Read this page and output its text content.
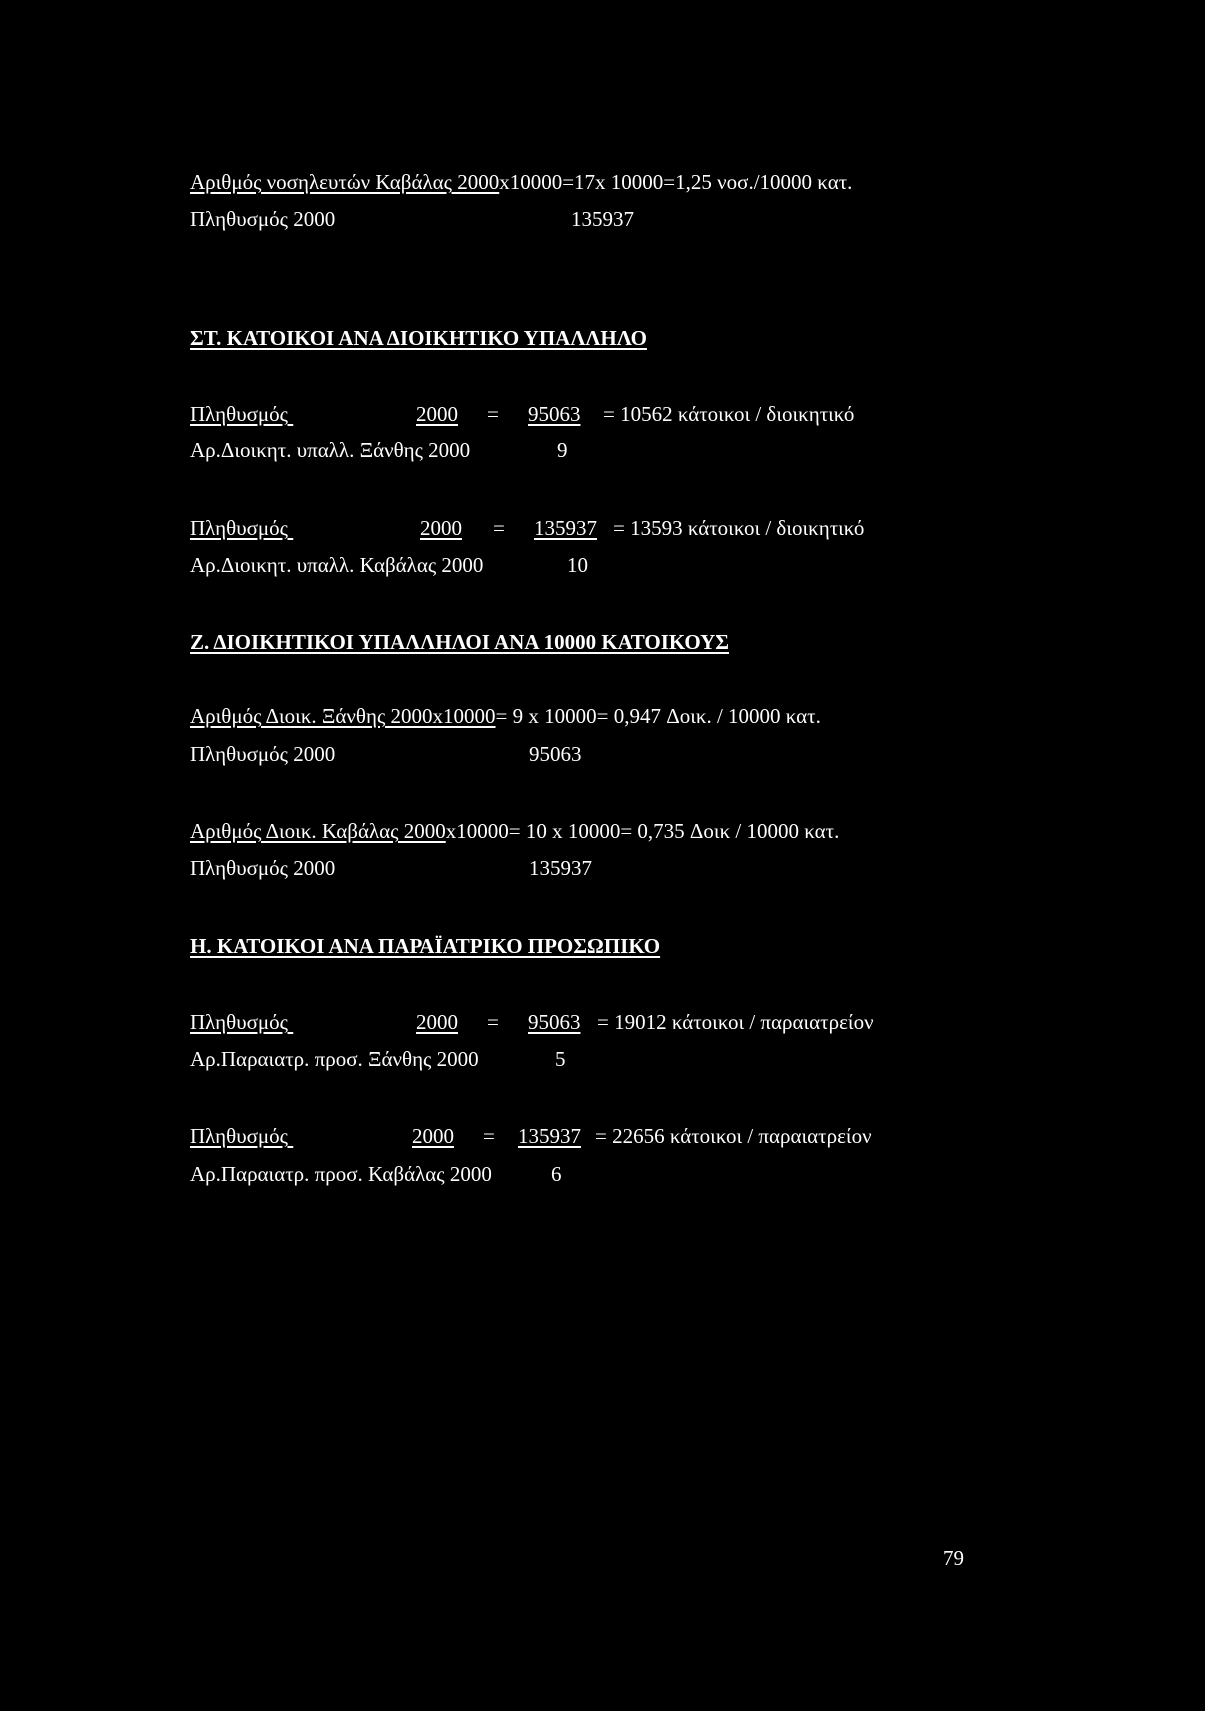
Αριθμός νοσηλευτών Καβάλας 2000x10000=17x 10000=1,25 νοσ./10000 κατ.
Πληθυσμός 2000	135937
ΣΤ. ΚΑΤΟΙΚΟΙ ΑΝΑ ΔΙΟΙΚΗΤΙΚΟ ΥΠΑΛΛΗΛΟ
Πληθυσμός	2000 = 95063 = 10562 κάτοικοι / διοικητικό
Αρ.Διοικητ. υπαλλ. Ξάνθης 2000	9
Πληθυσμός	2000 = 135937 = 13593 κάτοικοι / διοικητικό
Αρ.Διοικητ. υπαλλ. Καβάλας 2000	10
Ζ. ΔΙΟΙΚΗΤΙΚΟΙ ΥΠΑΛΛΗΛΟΙ ΑΝΑ 10000 ΚΑΤΟΙΚΟΥΣ
Αριθμός Διοικ. Ξάνθης 2000x10000= 9 x 10000= 0,947 Δοικ. / 10000 κατ.
Πληθυσμός 2000	95063
Αριθμός Διοικ. Καβάλας 2000x10000= 10 x 10000= 0,735 Δοικ / 10000 κατ.
Πληθυσμός 2000	135937
Η. ΚΑΤΟΙΚΟΙ ΑΝΑ ΠΑΡΑΪΑΤΡΙΚΟ ΠΡΟΣΩΠΙΚΟ
Πληθυσμός	2000 = 95063 = 19012 κάτοικοι / παραιατρείον
Αρ.Παραιατρ. προσ. Ξάνθης 2000	5
Πληθυσμός	2000 = 135937 = 22656 κάτοικοι / παραιατρείον
Αρ.Παραιατρ. προσ. Καβάλας 2000	6
79
